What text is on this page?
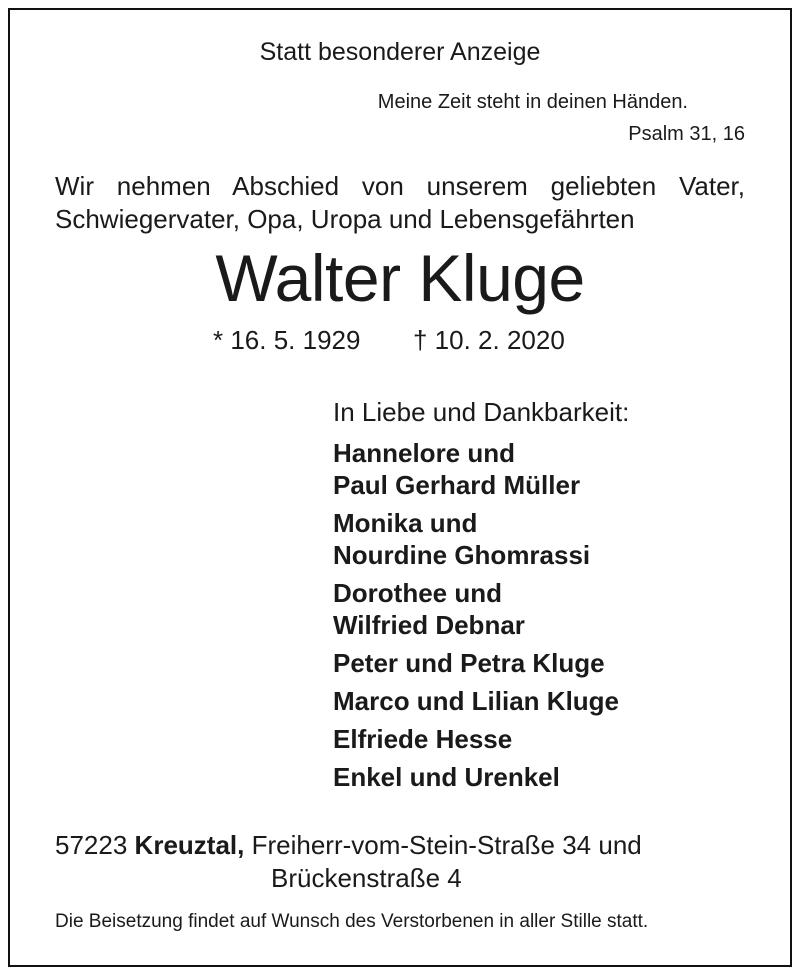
Statt besonderer Anzeige
Meine Zeit steht in deinen Händen.
Psalm 31, 16
Wir nehmen Abschied von unserem geliebten Vater,
Schwiegervater, Opa, Uropa und Lebensgefährten
Walter Kluge
* 16. 5. 1929 † 10. 2. 2020
In Liebe und Dankbarkeit:
Hannelore und
Paul Gerhard Müller
Monika und
Nourdine Ghomrassi
Dorothee und
Wilfried Debnar
Peter und Petra Kluge
Marco und Lilian Kluge
Elfriede Hesse
Enkel und Urenkel
57223 Kreuztal, Freiherr-vom-Stein-Straße 34 und
Brückenstraße 4
Die Beisetzung findet auf Wunsch des Verstorbenen in aller Stille statt.
